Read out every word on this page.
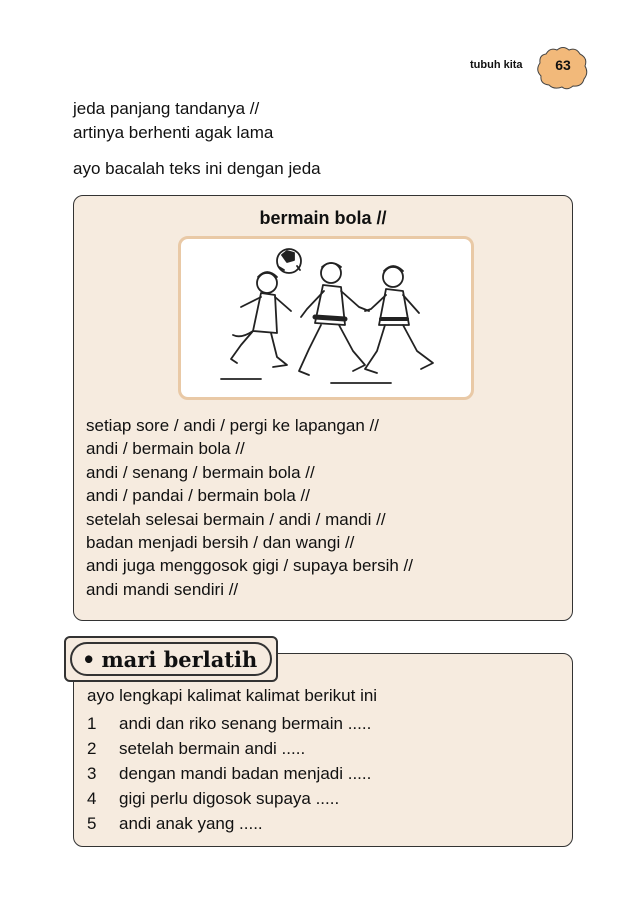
tubuh kita	63
jeda panjang tandanya //
artinya berhenti agak lama
ayo bacalah teks ini dengan jeda
bermain bola //
setiap sore / andi / pergi ke lapangan //
andi / bermain bola //
andi / senang / bermain bola //
andi / pandai / bermain bola //
setelah selesai bermain / andi / mandi //
badan menjadi bersih / dan wangi //
andi juga menggosok gigi / supaya bersih //
andi mandi sendiri //
ayo lengkapi kalimat kalimat berikut ini
1 andi dan riko senang bermain .....
2 setelah bermain andi .....
3 dengan mandi badan menjadi .....
4 gigi perlu digosok supaya .....
5 andi anak yang .....
• mari berlatih
